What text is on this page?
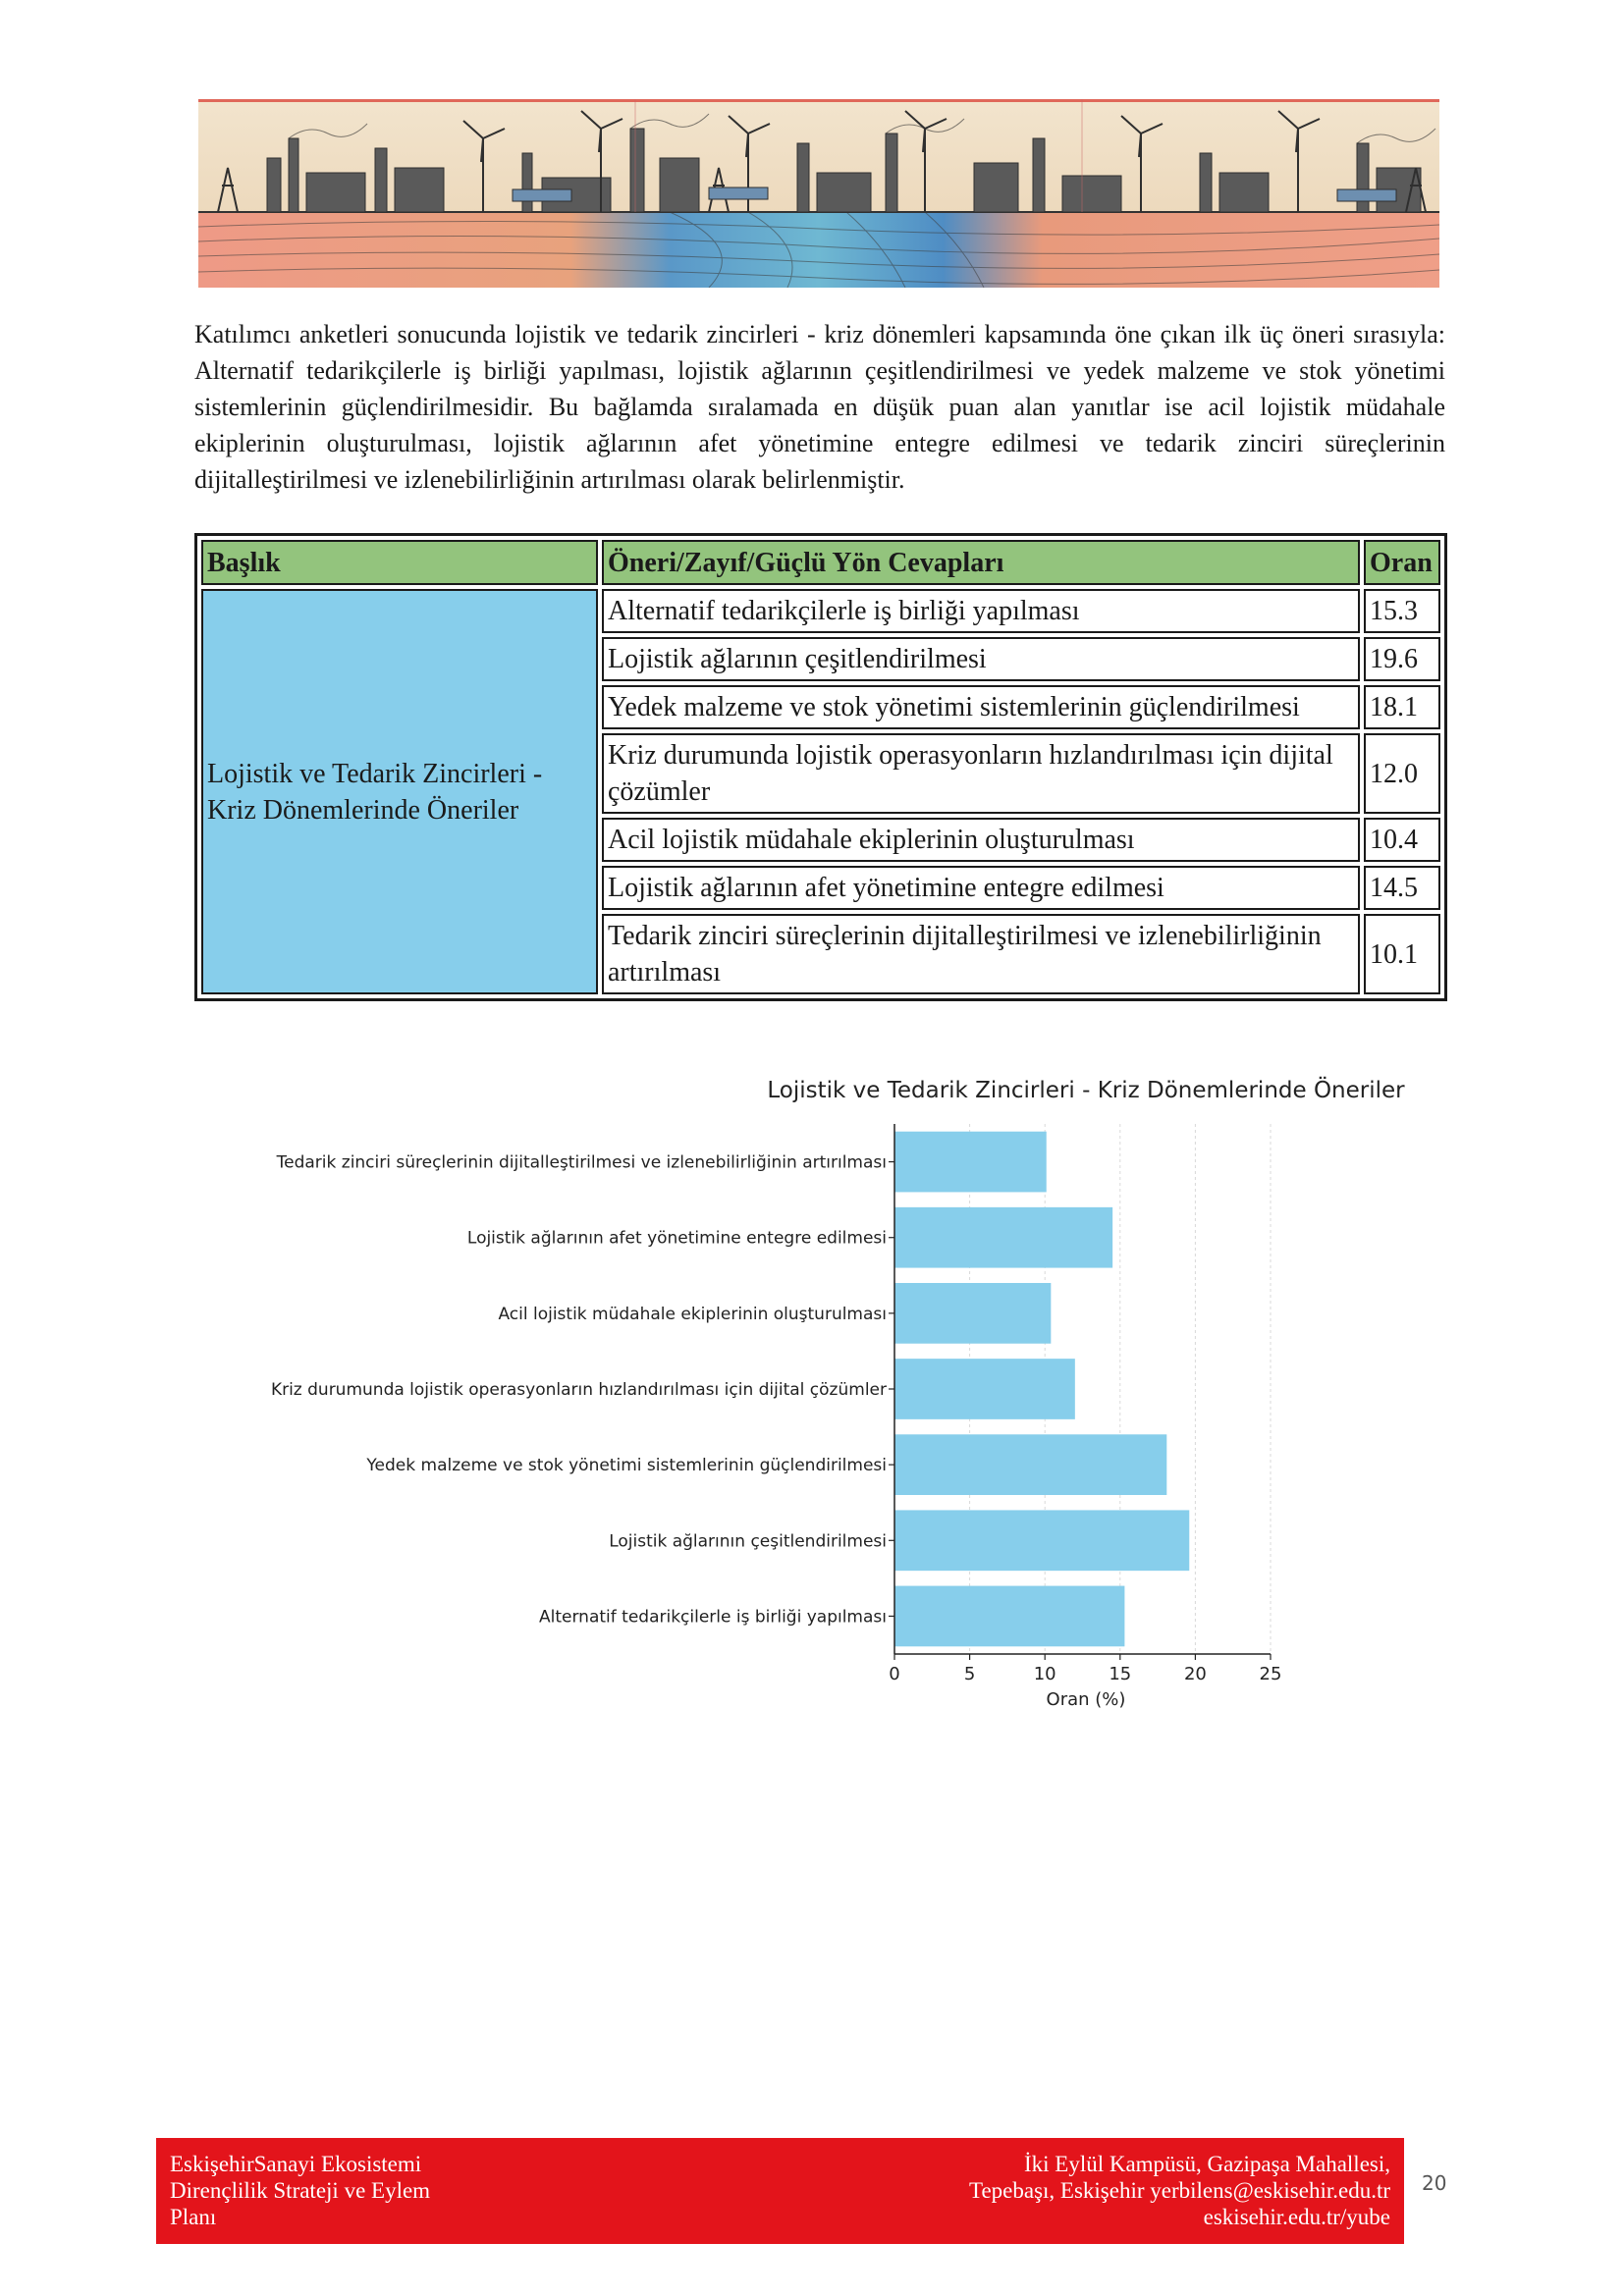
Katılımcı anketleri sonucunda lojistik ve tedarik zincirleri - kriz dönemleri kapsamında öne çıkan ilk üç öneri sırasıyla: Alternatif tedarikçilerle iş birliği yapılması, lojistik ağlarının çeşitlendirilmesi ve yedek malzeme ve stok yönetimi sistemlerinin güçlendirilmesidir. Bu bağlamda sıralamada en düşük puan alan yanıtlar ise acil lojistik müdahale ekiplerinin oluşturulması, lojistik ağlarının afet yönetimine entegre edilmesi ve tedarik zinciri süreçlerinin dijitalleştirilmesi ve izlenebilirliğinin artırılması olarak belirlenmiştir.

Başlık	Öneri/Zayıf/Güçlü Yön Cevapları	Oran
Lojistik ve Tedarik Zincirleri - Kriz Dönemlerinde Öneriler	Alternatif tedarikçilerle iş birliği yapılması	15.3
	Lojistik ağlarının çeşitlendirilmesi	19.6
	Yedek malzeme ve stok yönetimi sistemlerinin güçlendirilmesi	18.1
	Kriz durumunda lojistik operasyonların hızlandırılması için dijital çözümler	12.0
	Acil lojistik müdahale ekiplerinin oluşturulması	10.4
	Lojistik ağlarının afet yönetimine entegre edilmesi	14.5
	Tedarik zinciri süreçlerinin dijitalleştirilmesi ve izlenebilirliğinin artırılması	10.1
Lojistik ve Tedarik Zincirleri - Kriz Dönemlerinde Öneriler
Alternatif tedarikçilerle iş birliği yapılması
Lojistik ağlarının çeşitlendirilmesi
Yedek malzeme ve stok yönetimi sistemlerinin güçlendirilmesi
Kriz durumunda lojistik operasyonların hızlandırılması için dijital çözümler
Acil lojistik müdahale ekiplerinin oluşturulması
Lojistik ağlarının afet yönetimine entegre edilmesi
Tedarik zinciri süreçlerinin dijitalleştirilmesi ve izlenebilirliğinin artırılması
0	5	10	15	20	25
Oran (%)
EskişehirSanayi Ekosistemi
Dirençlilik Strateji ve Eylem
Planı
İki Eylül Kampüsü, Gazipaşa Mahallesi,
Tepebaşı, Eskişehir yerbilens@eskisehir.edu.tr
eskisehir.edu.tr/yube
20
